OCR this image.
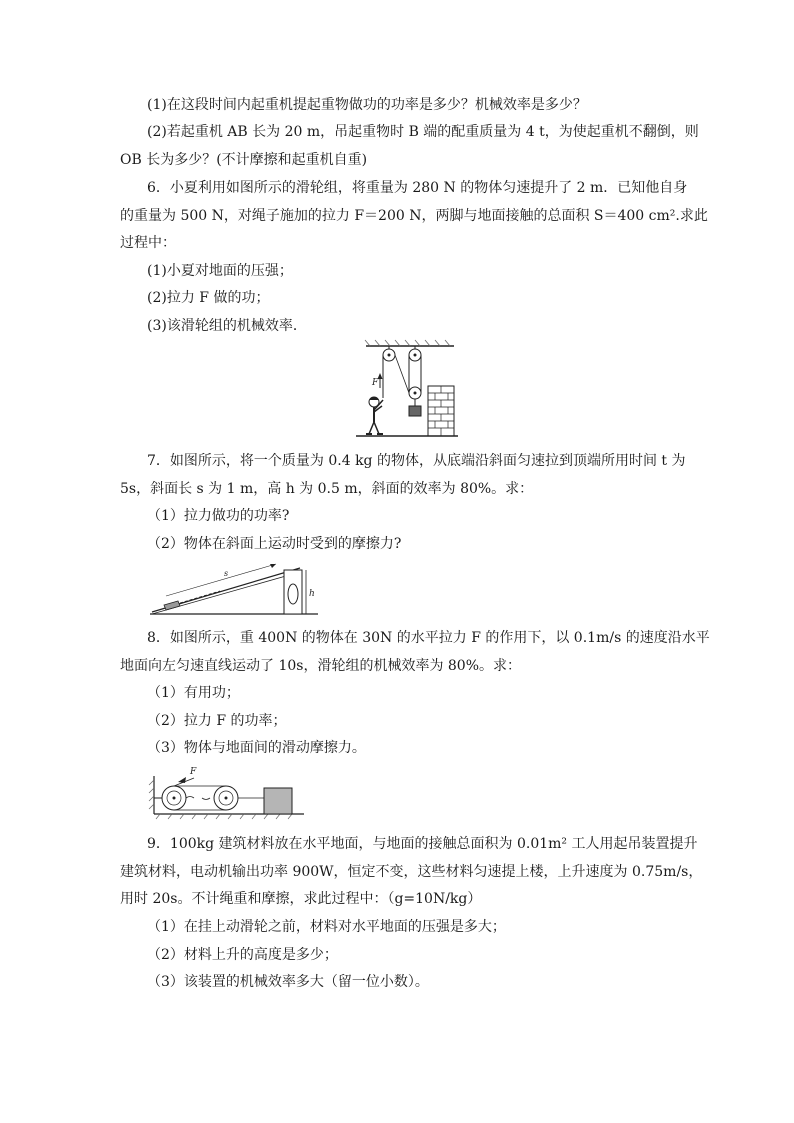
(1)在这段时间内起重机提起重物做功的功率是多少？机械效率是多少？
(2)若起重机 AB 长为 20 m，吊起重物时 B 端的配重质量为 4 t，为使起重机不翻倒，则
OB 长为多少？(不计摩擦和起重机自重)
6．小夏利用如图所示的滑轮组，将重量为 280 N 的物体匀速提升了 2 m．已知他自身
的重量为 500 N，对绳子施加的拉力 F＝200 N，两脚与地面接触的总面积 S＝400 cm².求此
过程中：
(1)小夏对地面的压强；
(2)拉力 F 做的功；
(3)该滑轮组的机械效率．
F
7．如图所示，将一个质量为 0.4 kg 的物体，从底端沿斜面匀速拉到顶端所用时间 t 为
5s，斜面长 s 为 1 m，高 h 为 0.5 m，斜面的效率为 80%。求：
（1）拉力做功的功率?
（2）物体在斜面上运动时受到的摩擦力?
h
s
8．如图所示，重 400N 的物体在 30N 的水平拉力 F 的作用下，以 0.1m/s 的速度沿水平
地面向左匀速直线运动了 10s，滑轮组的机械效率为 80%。求：
（1）有用功；
（2）拉力 F 的功率；
（3）物体与地面间的滑动摩擦力。
F
9．100kg 建筑材料放在水平地面，与地面的接触总面积为 0.01m² 工人用起吊装置提升
建筑材料，电动机输出功率 900W，恒定不变，这些材料匀速提上楼，上升速度为 0.75m/s，
用时 20s。不计绳重和摩擦，求此过程中：（g=10N/kg）
（1）在挂上动滑轮之前，材料对水平地面的压强是多大；
（2）材料上升的高度是多少；
（3）该装置的机械效率多大（留一位小数）。
